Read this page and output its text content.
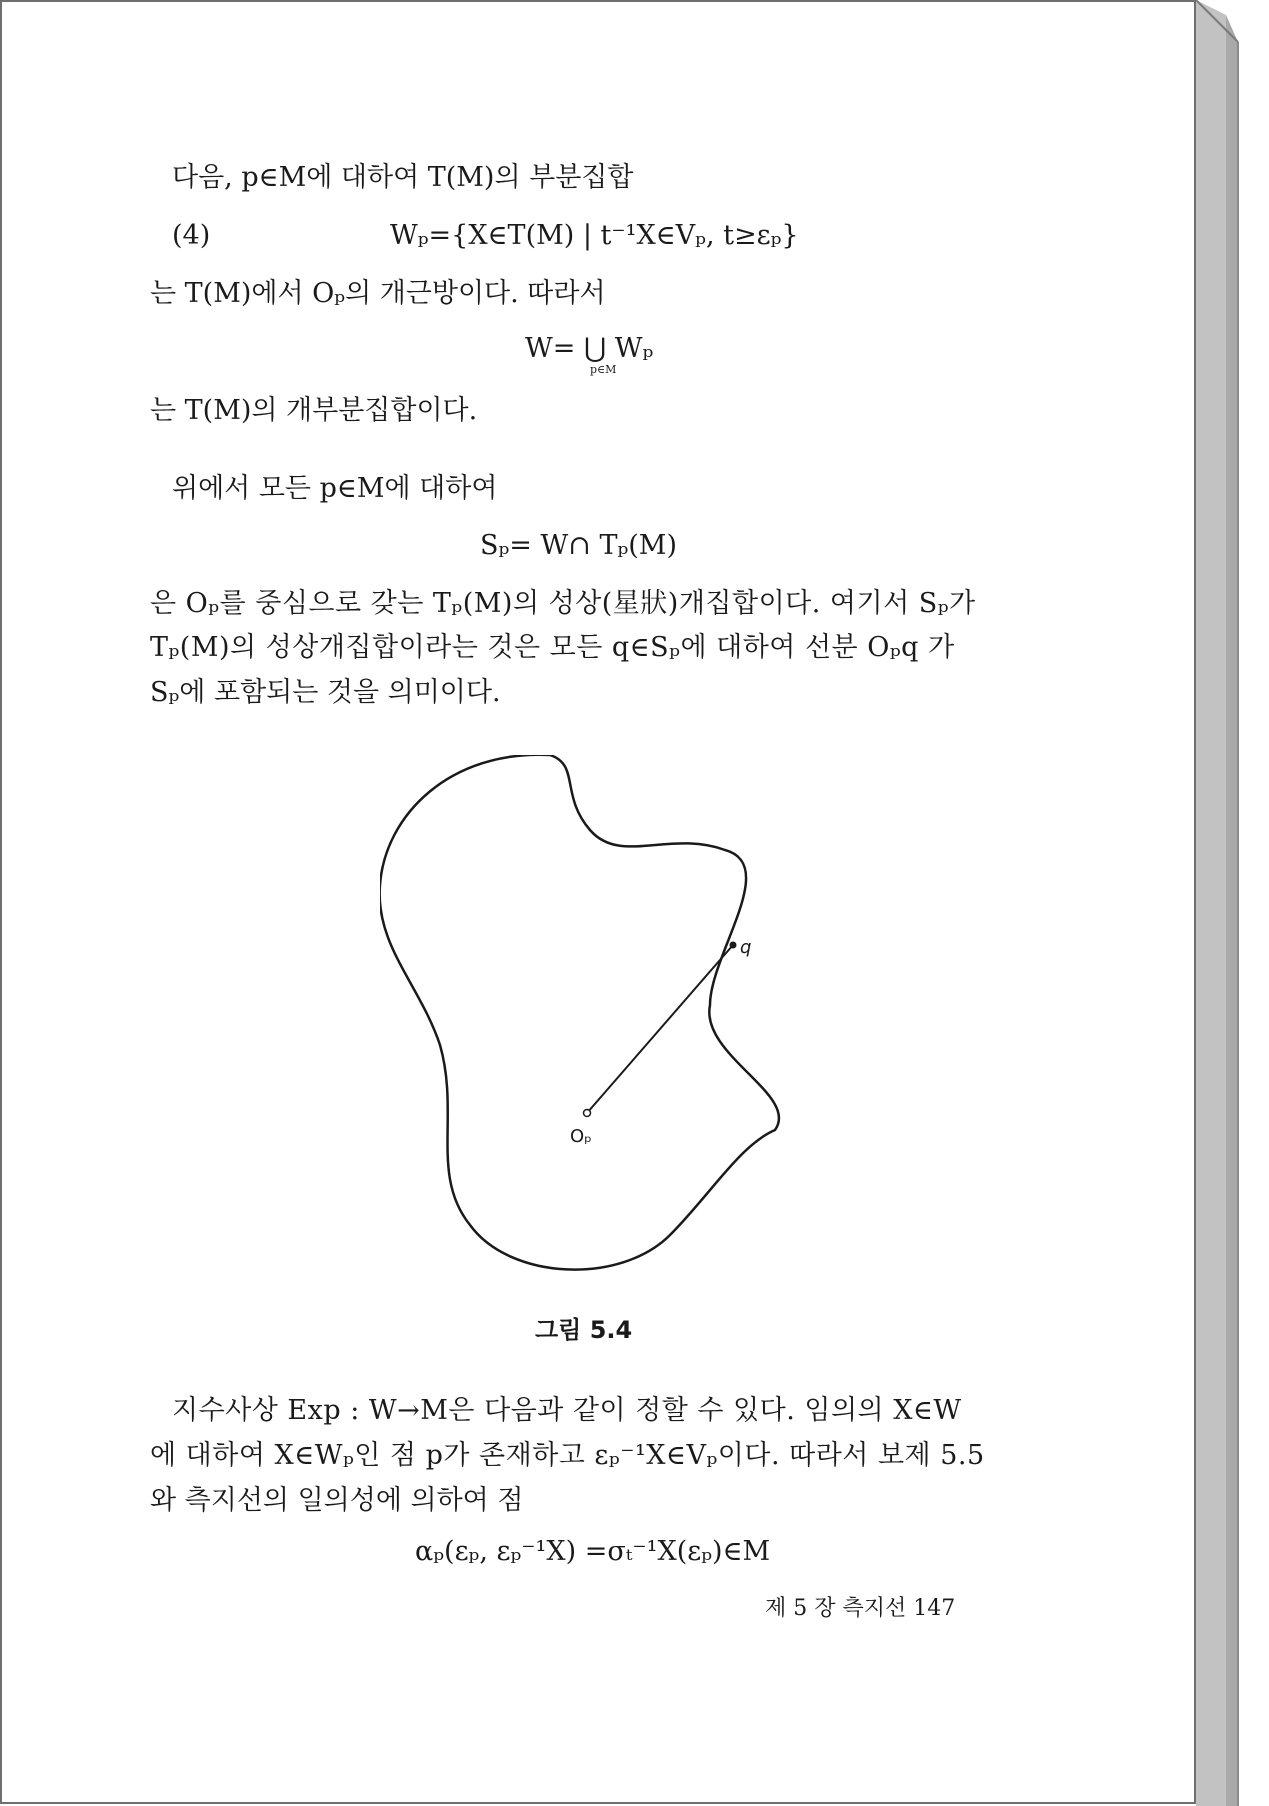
다음, p∈M에 대하여 T(M)의 부분집합
(4)	Wₚ={X∈T(M) | t⁻¹X∈Vₚ, t≥εₚ}
는 T(M)에서 Oₚ의 개근방이다. 따라서
W= ⋃ Wₚ
p∈M
는 T(M)의 개부분집합이다.
위에서 모든 p∈M에 대하여
Sₚ= W∩ Tₚ(M)
은 Oₚ를 중심으로 갖는 Tₚ(M)의 성상(星狀)개집합이다. 여기서 Sₚ가
Tₚ(M)의 성상개집합이라는 것은 모든 q∈Sₚ에 대하여 선분 Oₚq 가
Sₚ에 포함되는 것을 의미이다.
q
Oₚ
그림 5.4
지수사상 Exp : W→M은 다음과 같이 정할 수 있다. 임의의 X∈W
에 대하여 X∈Wₚ인 점 p가 존재하고 εₚ⁻¹X∈Vₚ이다. 따라서 보제 5.5
와 측지선의 일의성에 의하여 점
αₚ(εₚ, εₚ⁻¹X) =σₜ⁻¹X(εₚ)∈M
제 5 장 측지선 147
